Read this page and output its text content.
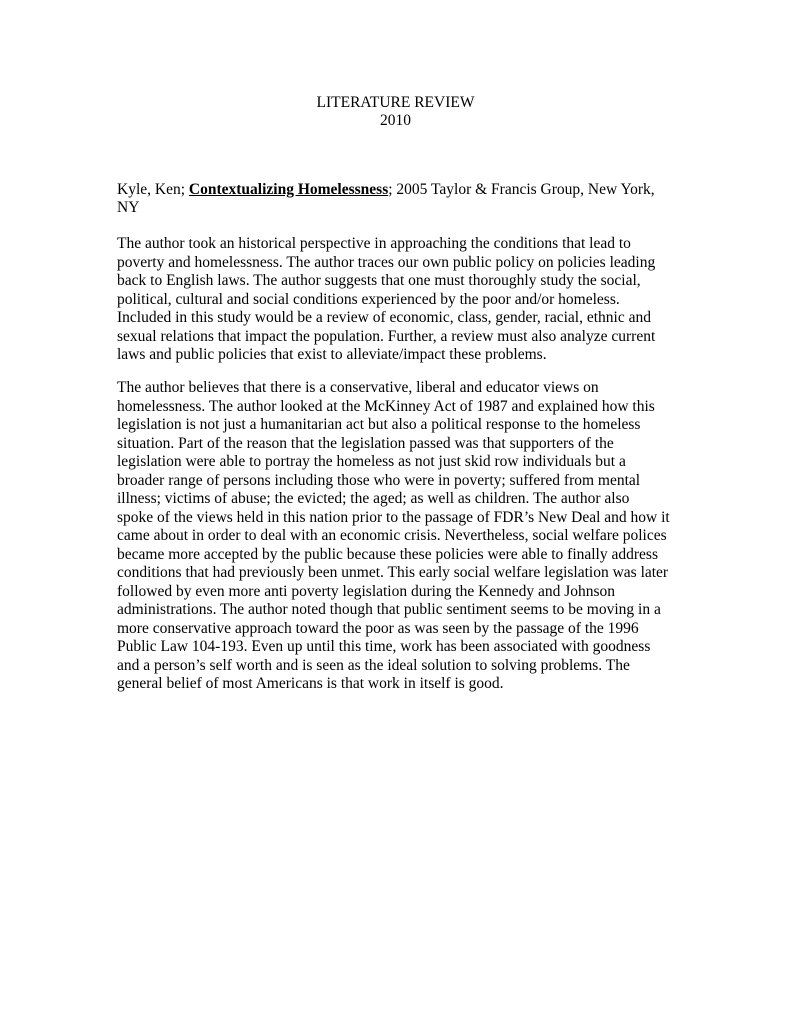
LITERATURE REVIEW
2010
Kyle, Ken; Contextualizing Homelessness; 2005 Taylor & Francis Group, New York, NY
The author took an historical perspective in approaching the conditions that lead to
poverty and homelessness. The author traces our own public policy on policies leading
back to English laws. The author suggests that one must thoroughly study the social,
political, cultural and social conditions experienced by the poor and/or homeless.
Included in this study would be a review of economic, class, gender, racial, ethnic and
sexual relations that impact the population. Further, a review must also analyze current
laws and public policies that exist to alleviate/impact these problems.
The author believes that there is a conservative, liberal and educator views on
homelessness. The author looked at the McKinney Act of 1987 and explained how this
legislation is not just a humanitarian act but also a political response to the homeless
situation. Part of the reason that the legislation passed was that supporters of the
legislation were able to portray the homeless as not just skid row individuals but a
broader range of persons including those who were in poverty; suffered from mental
illness; victims of abuse; the evicted; the aged; as well as children. The author also
spoke of the views held in this nation prior to the passage of FDR’s New Deal and how it
came about in order to deal with an economic crisis. Nevertheless, social welfare polices
became more accepted by the public because these policies were able to finally address
conditions that had previously been unmet. This early social welfare legislation was later
followed by even more anti poverty legislation during the Kennedy and Johnson
administrations. The author noted though that public sentiment seems to be moving in a
more conservative approach toward the poor as was seen by the passage of the 1996
Public Law 104-193. Even up until this time, work has been associated with goodness
and a person’s self worth and is seen as the ideal solution to solving problems. The
general belief of most Americans is that work in itself is good.
